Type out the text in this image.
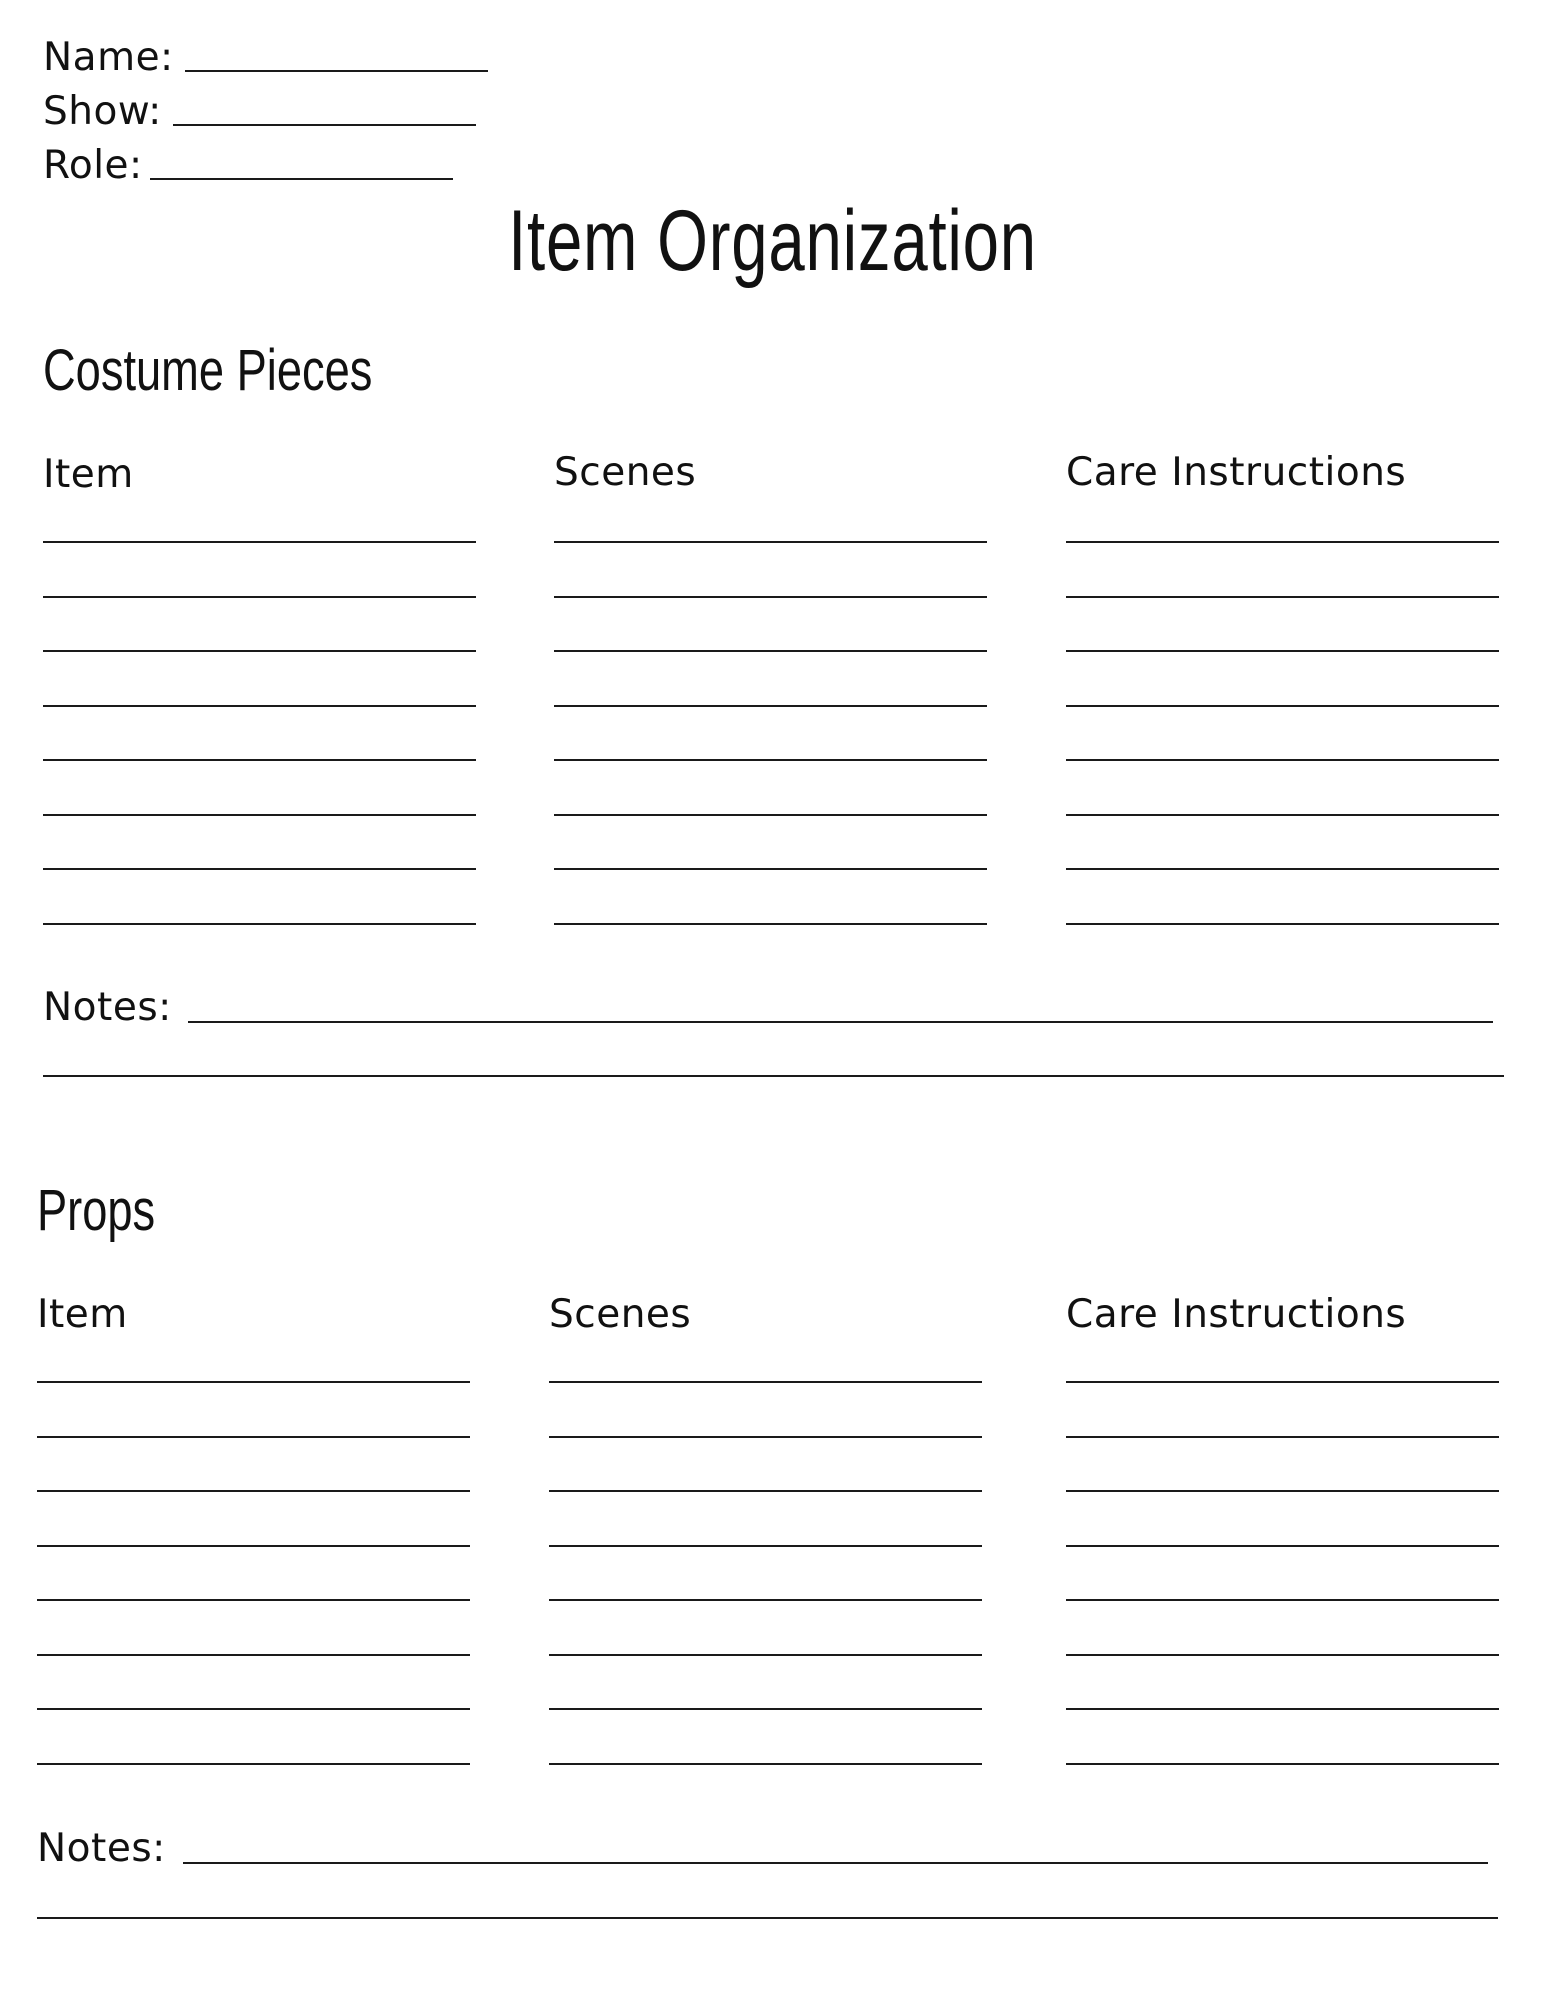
Name:
Show:
Role:
Item Organization
Costume Pieces
Item	Scenes	Care Instructions
Notes:
Props
Item	Scenes	Care Instructions
Notes:
